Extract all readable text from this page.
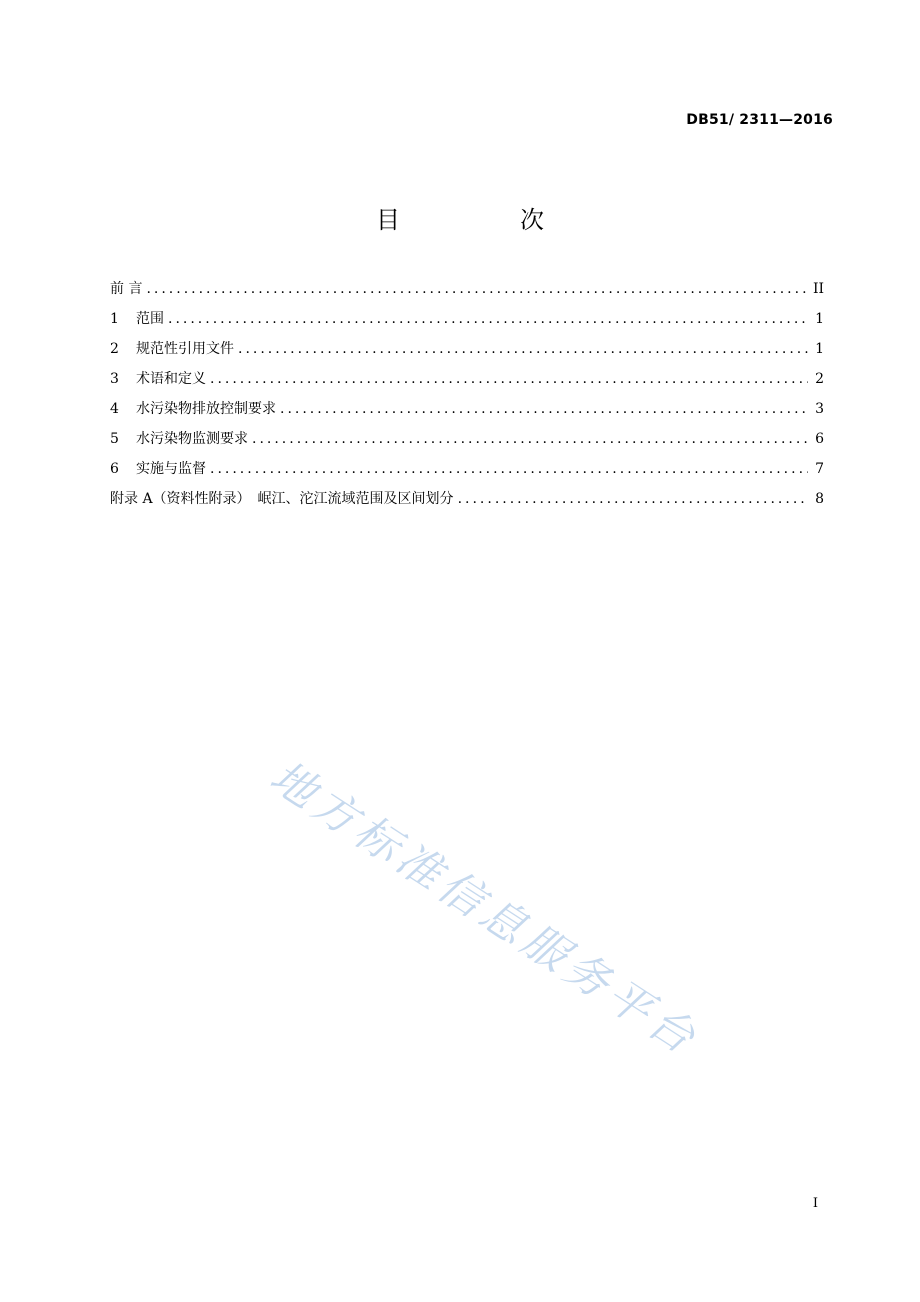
DB51/ 2311—2016
目　次
前 言 .....	II
1	范围 .....	1
2	规范性引用文件 .....	1
3	术语和定义 .....	2
4	水污染物排放控制要求 .....	3
5	水污染物监测要求 .....	6
6	实施与监督 .....	7
附录 A（资料性附录）　岷江、沱江流域范围及区间划分 .....	8
地方标准信息服务平台
I
